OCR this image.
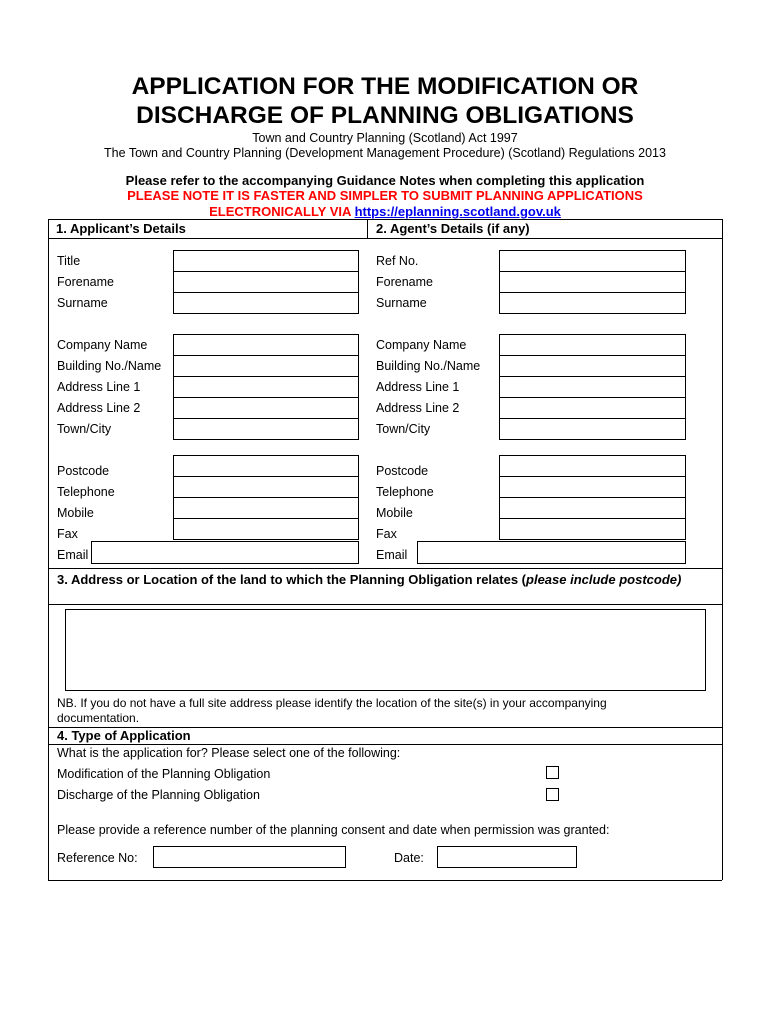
APPLICATION FOR THE MODIFICATION OR
DISCHARGE OF PLANNING OBLIGATIONS
Town and Country Planning (Scotland) Act 1997
The Town and Country Planning (Development Management Procedure) (Scotland) Regulations 2013
Please refer to the accompanying Guidance Notes when completing this application
PLEASE NOTE IT IS FASTER AND SIMPLER TO SUBMIT PLANNING APPLICATIONS
ELECTRONICALLY VIA https://eplanning.scotland.gov.uk
1. Applicant’s Details	2. Agent’s Details (if any)
Title
Forename
Surname
Company Name
Building No./Name
Address Line 1
Address Line 2
Town/City
Postcode
Telephone
Mobile
Fax
Email
Ref No.
Forename
Surname
Company Name
Building No./Name
Address Line 1
Address Line 2
Town/City
Postcode
Telephone
Mobile
Fax
Email
3. Address or Location of the land to which the Planning Obligation relates (please include postcode)
NB. If you do not have a full site address please identify the location of the site(s) in your accompanying documentation.
4. Type of Application
What is the application for? Please select one of the following:
Modification of the Planning Obligation
Discharge of the Planning Obligation
Please provide a reference number of the planning consent and date when permission was granted:
Reference No:	Date:
